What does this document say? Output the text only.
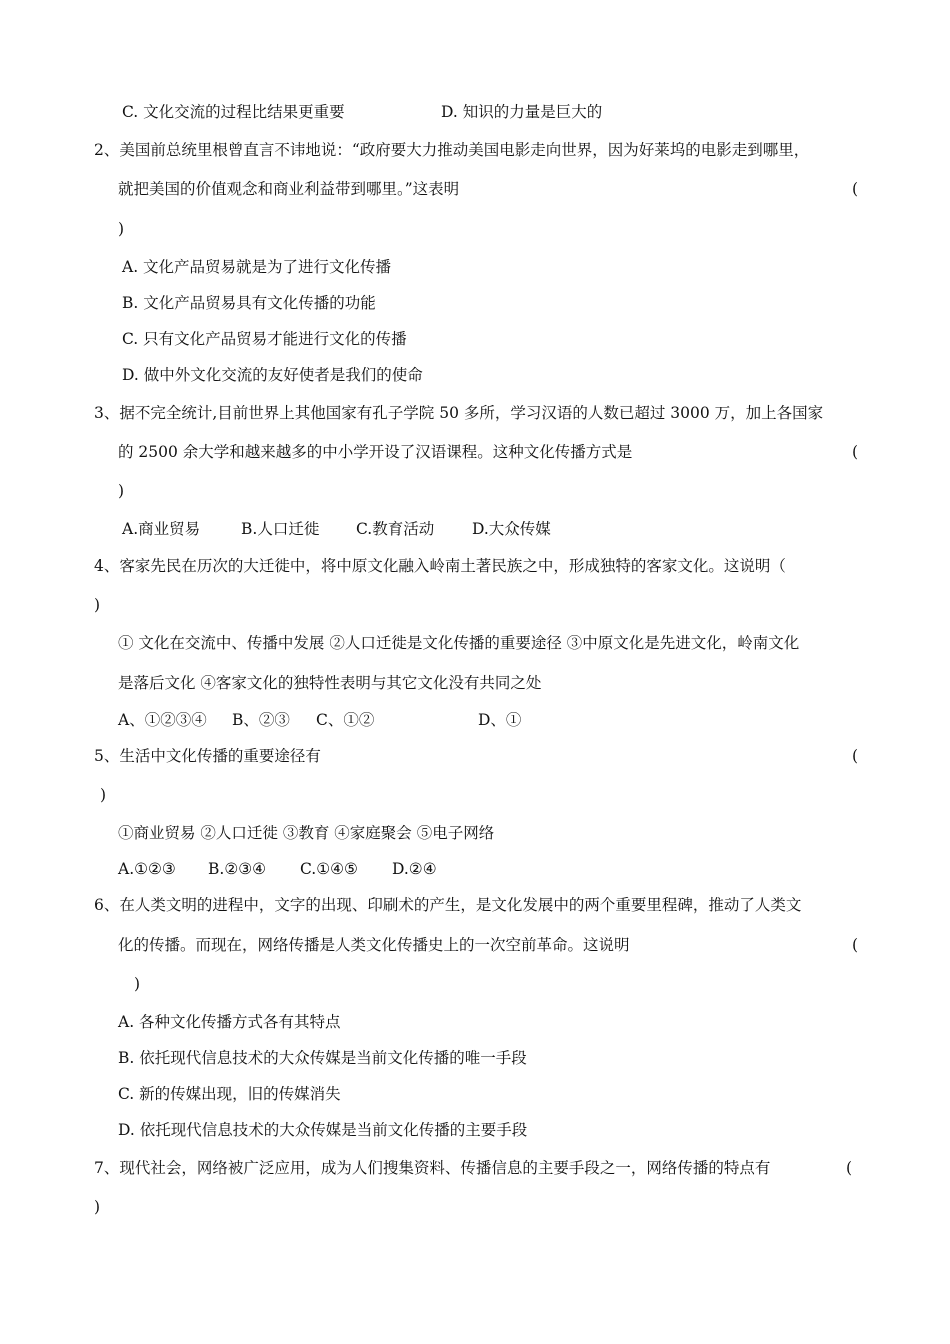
C. 文化交流的过程比结果更重要	D. 知识的力量是巨大的
2、美国前总统里根曾直言不讳地说：“政府要大力推动美国电影走向世界，因为好莱坞的电影走到哪里，
就把美国的价值观念和商业利益带到哪里。”这表明	(
)
A. 文化产品贸易就是为了进行文化传播
B. 文化产品贸易具有文化传播的功能
C. 只有文化产品贸易才能进行文化的传播
D. 做中外文化交流的友好使者是我们的使命
3、据不完全统计,目前世界上其他国家有孔子学院 50 多所，学习汉语的人数已超过 3000 万，加上各国家
的 2500 余大学和越来越多的中小学开设了汉语课程。这种文化传播方式是	(
)
A.商业贸易	B.人口迁徙 C.教育活动 D.大众传媒
4、客家先民在历次的大迁徙中，将中原文化融入岭南土著民族之中，形成独特的客家文化。这说明（
)
① 文化在交流中、传播中发展 ②人口迁徙是文化传播的重要途径 ③中原文化是先进文化，岭南文化
是落后文化 ④客家文化的独特性表明与其它文化没有共同之处
A、①②③④ B、②③ C、①②	D、①
5、生活中文化传播的重要途径有	(
)
①商业贸易 ②人口迁徙 ③教育 ④家庭聚会 ⑤电子网络
A.①②③ B.②③④ C.①④⑤ D.②④
6、在人类文明的进程中，文字的出现、印刷术的产生，是文化发展中的两个重要里程碑，推动了人类文
化的传播。而现在，网络传播是人类文化传播史上的一次空前革命。这说明	(
)
A. 各种文化传播方式各有其特点
B. 依托现代信息技术的大众传媒是当前文化传播的唯一手段
C. 新的传媒出现，旧的传媒消失
D. 依托现代信息技术的大众传媒是当前文化传播的主要手段
7、现代社会，网络被广泛应用，成为人们搜集资料、传播信息的主要手段之一，网络传播的特点有	(
)
